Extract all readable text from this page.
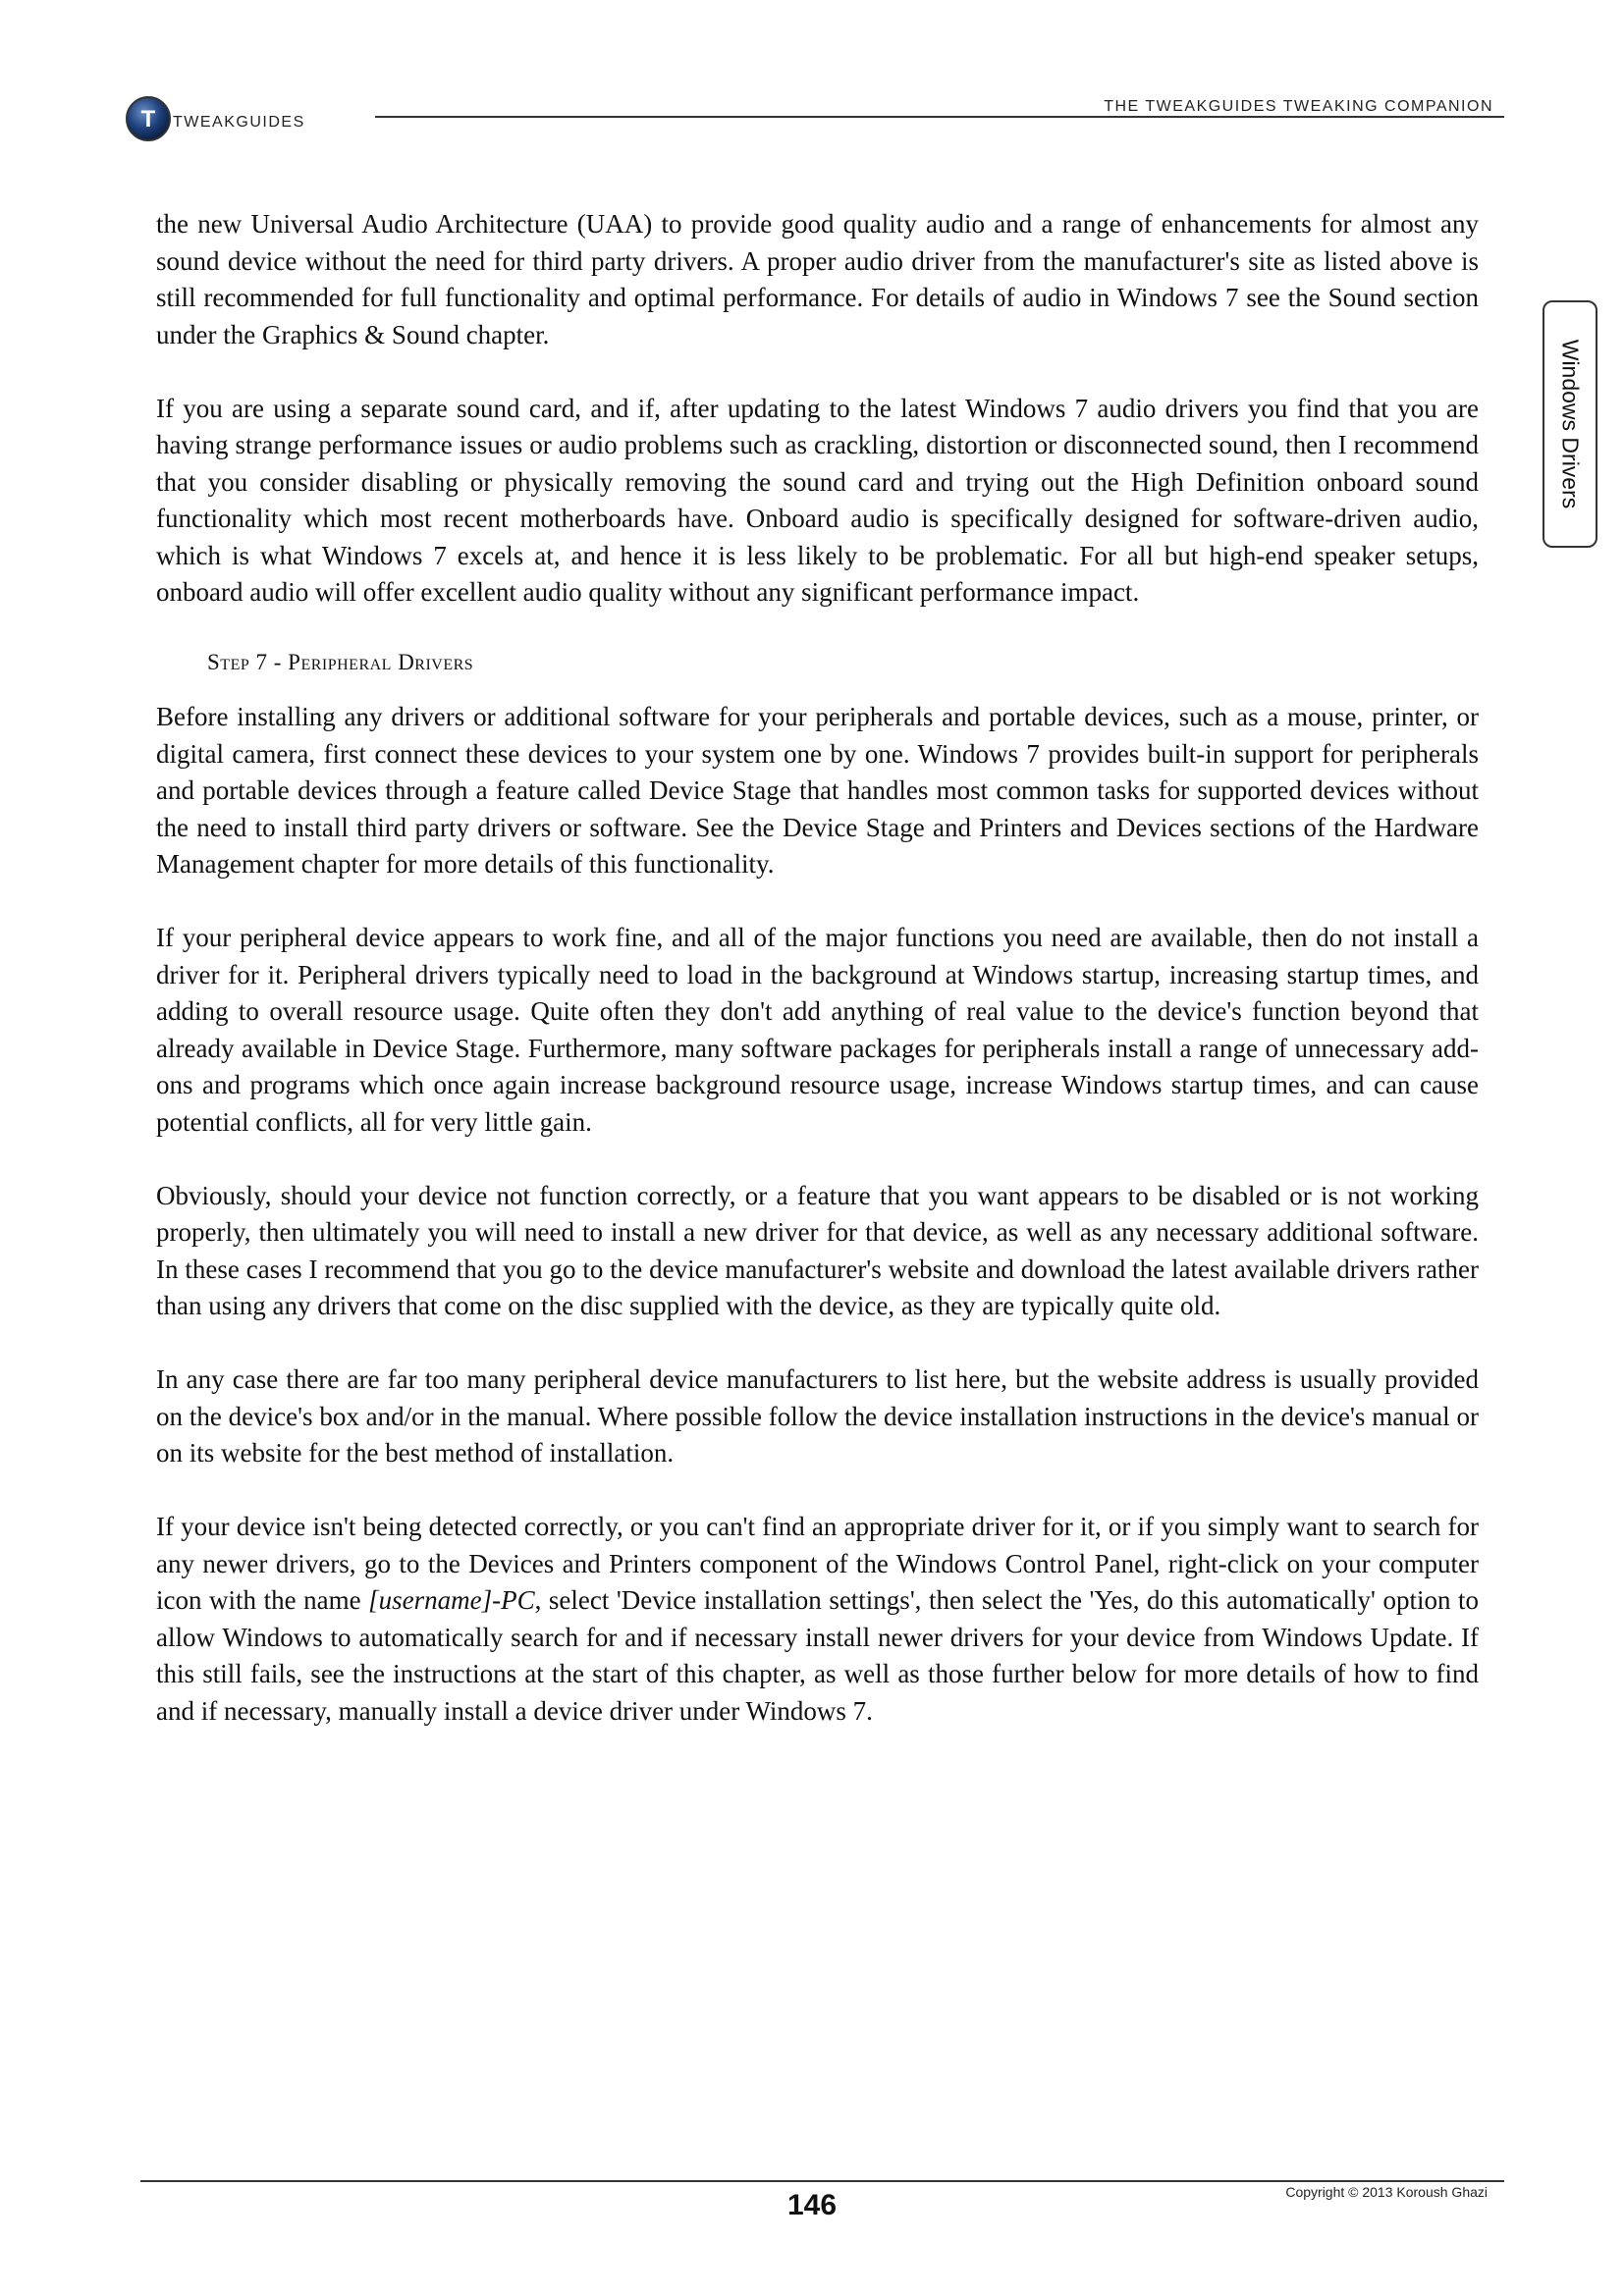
T TWEAKGUIDES
THE TWEAKGUIDES TWEAKING COMPANION
Windows Drivers

the new Universal Audio Architecture (UAA) to provide good quality audio and a range of enhancements for almost any sound device without the need for third party drivers. A proper audio driver from the manufacturer's site as listed above is still recommended for full functionality and optimal performance. For details of audio in Windows 7 see the Sound section under the Graphics & Sound chapter.

If you are using a separate sound card, and if, after updating to the latest Windows 7 audio drivers you find that you are having strange performance issues or audio problems such as crackling, distortion or disconnected sound, then I recommend that you consider disabling or physically removing the sound card and trying out the High Definition onboard sound functionality which most recent motherboards have. Onboard audio is specifically designed for software-driven audio, which is what Windows 7 excels at, and hence it is less likely to be problematic. For all but high-end speaker setups, onboard audio will offer excellent audio quality without any significant performance impact.

Step 7 - Peripheral Drivers

Before installing any drivers or additional software for your peripherals and portable devices, such as a mouse, printer, or digital camera, first connect these devices to your system one by one. Windows 7 provides built-in support for peripherals and portable devices through a feature called Device Stage that handles most common tasks for supported devices without the need to install third party drivers or software. See the Device Stage and Printers and Devices sections of the Hardware Management chapter for more details of this functionality.

If your peripheral device appears to work fine, and all of the major functions you need are available, then do not install a driver for it. Peripheral drivers typically need to load in the background at Windows startup, increasing startup times, and adding to overall resource usage. Quite often they don't add anything of real value to the device's function beyond that already available in Device Stage. Furthermore, many software packages for peripherals install a range of unnecessary add-ons and programs which once again increase background resource usage, increase Windows startup times, and can cause potential conflicts, all for very little gain.

Obviously, should your device not function correctly, or a feature that you want appears to be disabled or is not working properly, then ultimately you will need to install a new driver for that device, as well as any necessary additional software. In these cases I recommend that you go to the device manufacturer's website and download the latest available drivers rather than using any drivers that come on the disc supplied with the device, as they are typically quite old.

In any case there are far too many peripheral device manufacturers to list here, but the website address is usually provided on the device's box and/or in the manual. Where possible follow the device installation instructions in the device's manual or on its website for the best method of installation.

If your device isn't being detected correctly, or you can't find an appropriate driver for it, or if you simply want to search for any newer drivers, go to the Devices and Printers component of the Windows Control Panel, right-click on your computer icon with the name [username]-PC, select 'Device installation settings', then select the 'Yes, do this automatically' option to allow Windows to automatically search for and if necessary install newer drivers for your device from Windows Update. If this still fails, see the instructions at the start of this chapter, as well as those further below for more details of how to find and if necessary, manually install a device driver under Windows 7.

Copyright © 2013 Koroush Ghazi
146
